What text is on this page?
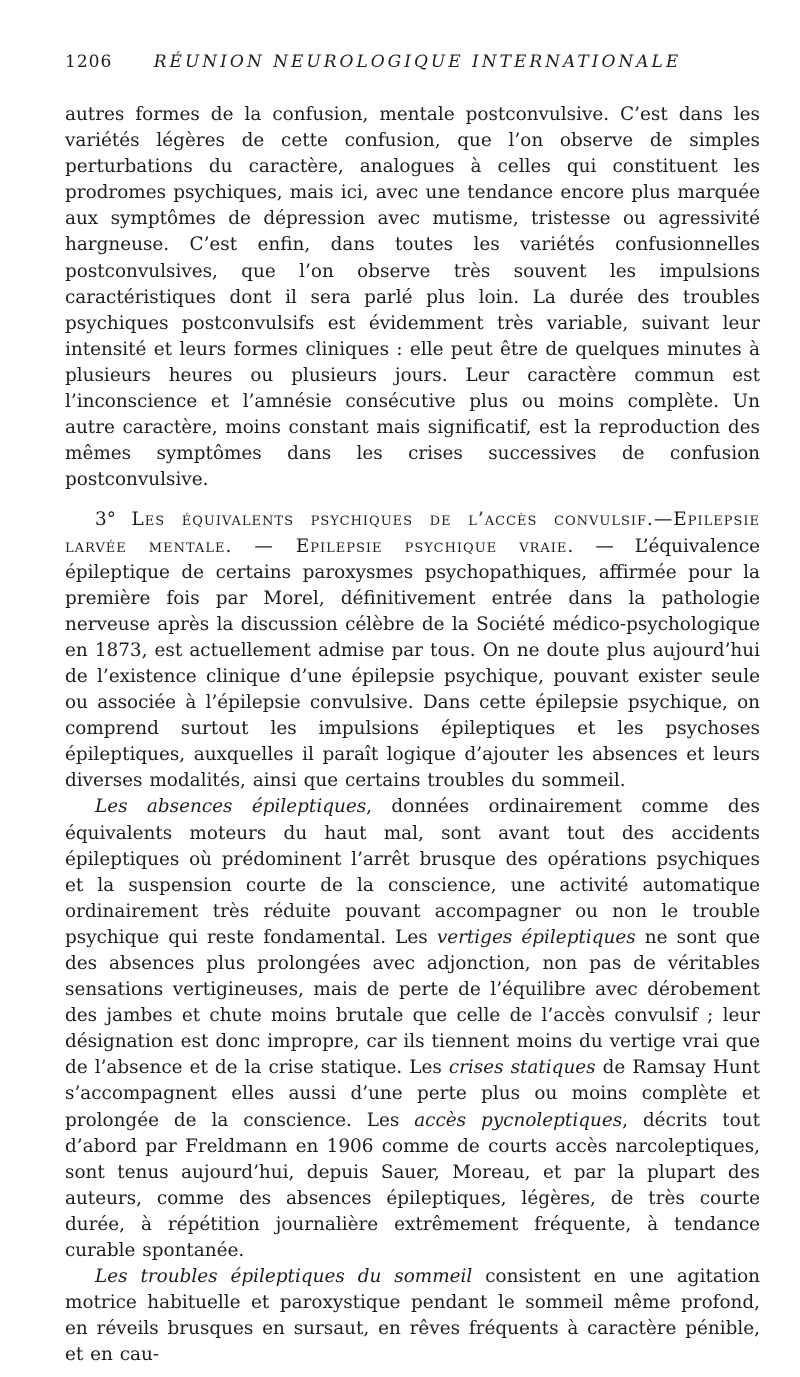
1206	RÉUNION NEUROLOGIQUE INTERNATIONALE

autres formes de la confusion, mentale postconvulsive. C’est dans les variétés légères de cette confusion, que l’on observe de simples perturbations du caractère, analogues à celles qui constituent les prodromes psychiques, mais ici, avec une tendance encore plus marquée aux symptômes de dépression avec mutisme, tristesse ou agressivité hargneuse. C’est enfin, dans toutes les variétés confusionnelles postconvulsives, que l’on observe très souvent les impulsions caractéristiques dont il sera parlé plus loin. La durée des troubles psychiques postconvulsifs est évidemment très variable, suivant leur intensité et leurs formes cliniques : elle peut être de quelques minutes à plusieurs heures ou plusieurs jours. Leur caractère commun est l’inconscience et l’amnésie consécutive plus ou moins complète. Un autre caractère, moins constant mais significatif, est la reproduction des mêmes symptômes dans les crises successives de confusion postconvulsive.

3° Les équivalents psychiques de l’accès convulsif.—Epilepsie larvée mentale. — Epilepsie psychique vraie. — L’équivalence épileptique de certains paroxysmes psychopathiques, affirmée pour la première fois par Morel, définitivement entrée dans la pathologie nerveuse après la discussion célèbre de la Société médico-psychologique en 1873, est actuellement admise par tous. On ne doute plus aujourd’hui de l’existence clinique d’une épilepsie psychique, pouvant exister seule ou associée à l’épilepsie convulsive. Dans cette épilepsie psychique, on comprend surtout les impulsions épileptiques et les psychoses épileptiques, auxquelles il paraît logique d’ajouter les absences et leurs diverses modalités, ainsi que certains troubles du sommeil.

Les absences épileptiques, données ordinairement comme des équivalents moteurs du haut mal, sont avant tout des accidents épileptiques où prédominent l’arrêt brusque des opérations psychiques et la suspension courte de la conscience, une activité automatique ordinairement très réduite pouvant accompagner ou non le trouble psychique qui reste fondamental. Les vertiges épileptiques ne sont que des absences plus prolongées avec adjonction, non pas de véritables sensations vertigineuses, mais de perte de l’équilibre avec dérobement des jambes et chute moins brutale que celle de l’accès convulsif ; leur désignation est donc impropre, car ils tiennent moins du vertige vrai que de l’absence et de la crise statique. Les crises statiques de Ramsay Hunt s’accompagnent elles aussi d’une perte plus ou moins complète et prolongée de la conscience. Les accès pycnoleptiques, décrits tout d’abord par Freldmann en 1906 comme de courts accès narcoleptiques, sont tenus aujourd’hui, depuis Sauer, Moreau, et par la plupart des auteurs, comme des absences épileptiques, légères, de très courte durée, à répétition journalière extrêmement fréquente, à tendance curable spontanée.

Les troubles épileptiques du sommeil consistent en une agitation motrice habituelle et paroxystique pendant le sommeil même profond, en réveils brusques en sursaut, en rêves fréquents à caractère pénible, et en cau-
